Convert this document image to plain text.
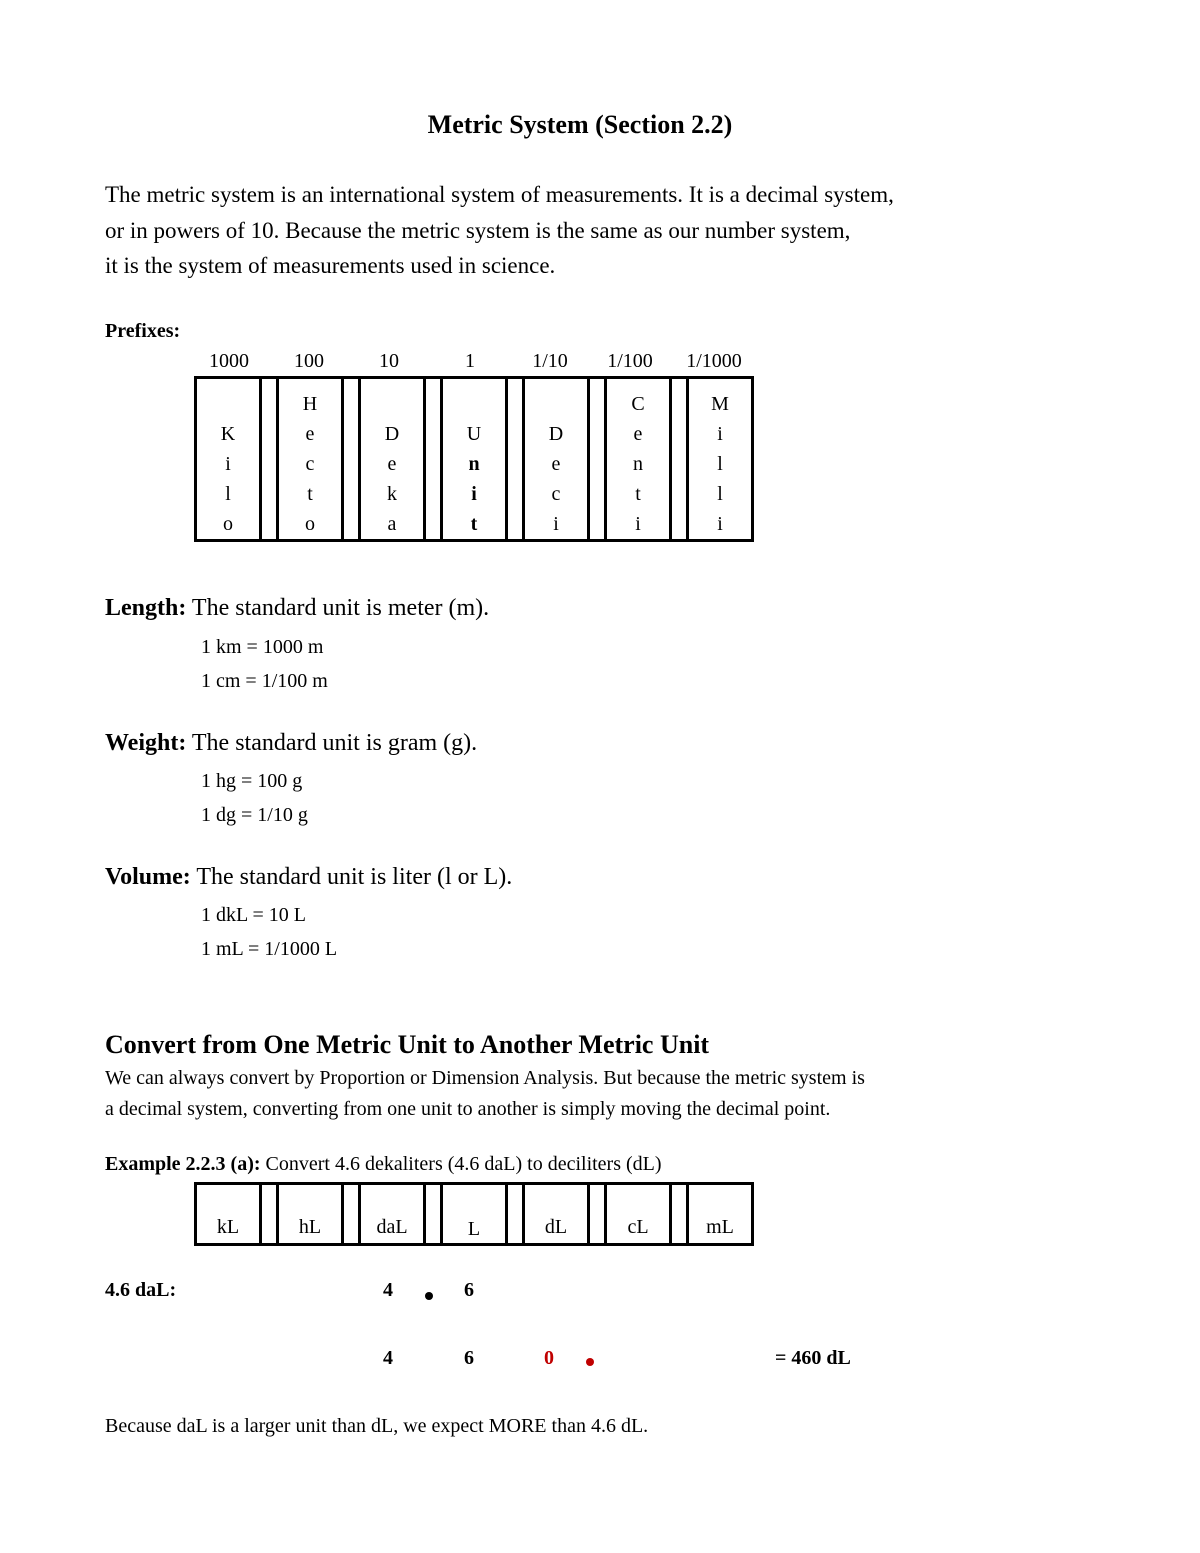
Metric System (Section 2.2)
The metric system is an international system of measurements. It is a decimal system,
or in powers of 10. Because the metric system is the same as our number system,
it is the system of measurements used in science.
Prefixes:
1000	100	10	1	1/10	1/100	1/1000

K
i
l
o

H
e
c
t
o

D
e
k
a

U
n
i
t

D
e
c
i

C
e
n
t
i

M
i
l
l
i
Length: The standard unit is meter (m).
1 km = 1000 m
1 cm = 1/100 m
Weight: The standard unit is gram (g).
1 hg = 100 g
1 dg = 1/10 g
Volume: The standard unit is liter (l or L).
1 dkL = 10 L
1 mL = 1/1000 L
Convert from One Metric Unit to Another Metric Unit
We can always convert by Proportion or Dimension Analysis. But because the metric system is
a decimal system, converting from one unit to another is simply moving the decimal point.
Example 2.2.3 (a): Convert 4.6 dekaliters (4.6 daL) to deciliters (dL)
kL		hL		daL		L		dL		cL		mL
4.6 daL:	4	6
4	6	0	= 460 dL
Because daL is a larger unit than dL, we expect MORE than 4.6 dL.
